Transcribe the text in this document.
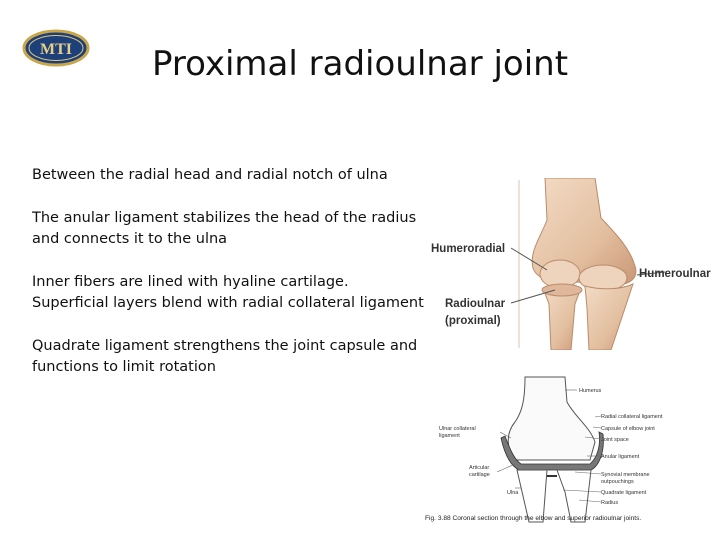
MTI	Proximal radioulnar joint

Between the radial head and radial notch of ulna

The anular ligament stabilizes the head of the radius and connects it to the ulna

Inner fibers are lined with hyaline cartilage. Superficial layers blend with radial collateral ligament

Quadrate ligament strengthens the joint capsule and functions to limit rotation

Humeroradial
Humeroulnar
Radioulnar
(proximal)
Humerus
Radial collateral ligament
Capsule of elbow joint
Joint space
Ulnar collateral
ligament
Anular ligament
Articular
cartilage	Synovial membrane
outpouchings
Ulna	Quadrate ligament
Radius
Fig. 3.88 Coronal section through the elbow and superior radioulnar joints.
